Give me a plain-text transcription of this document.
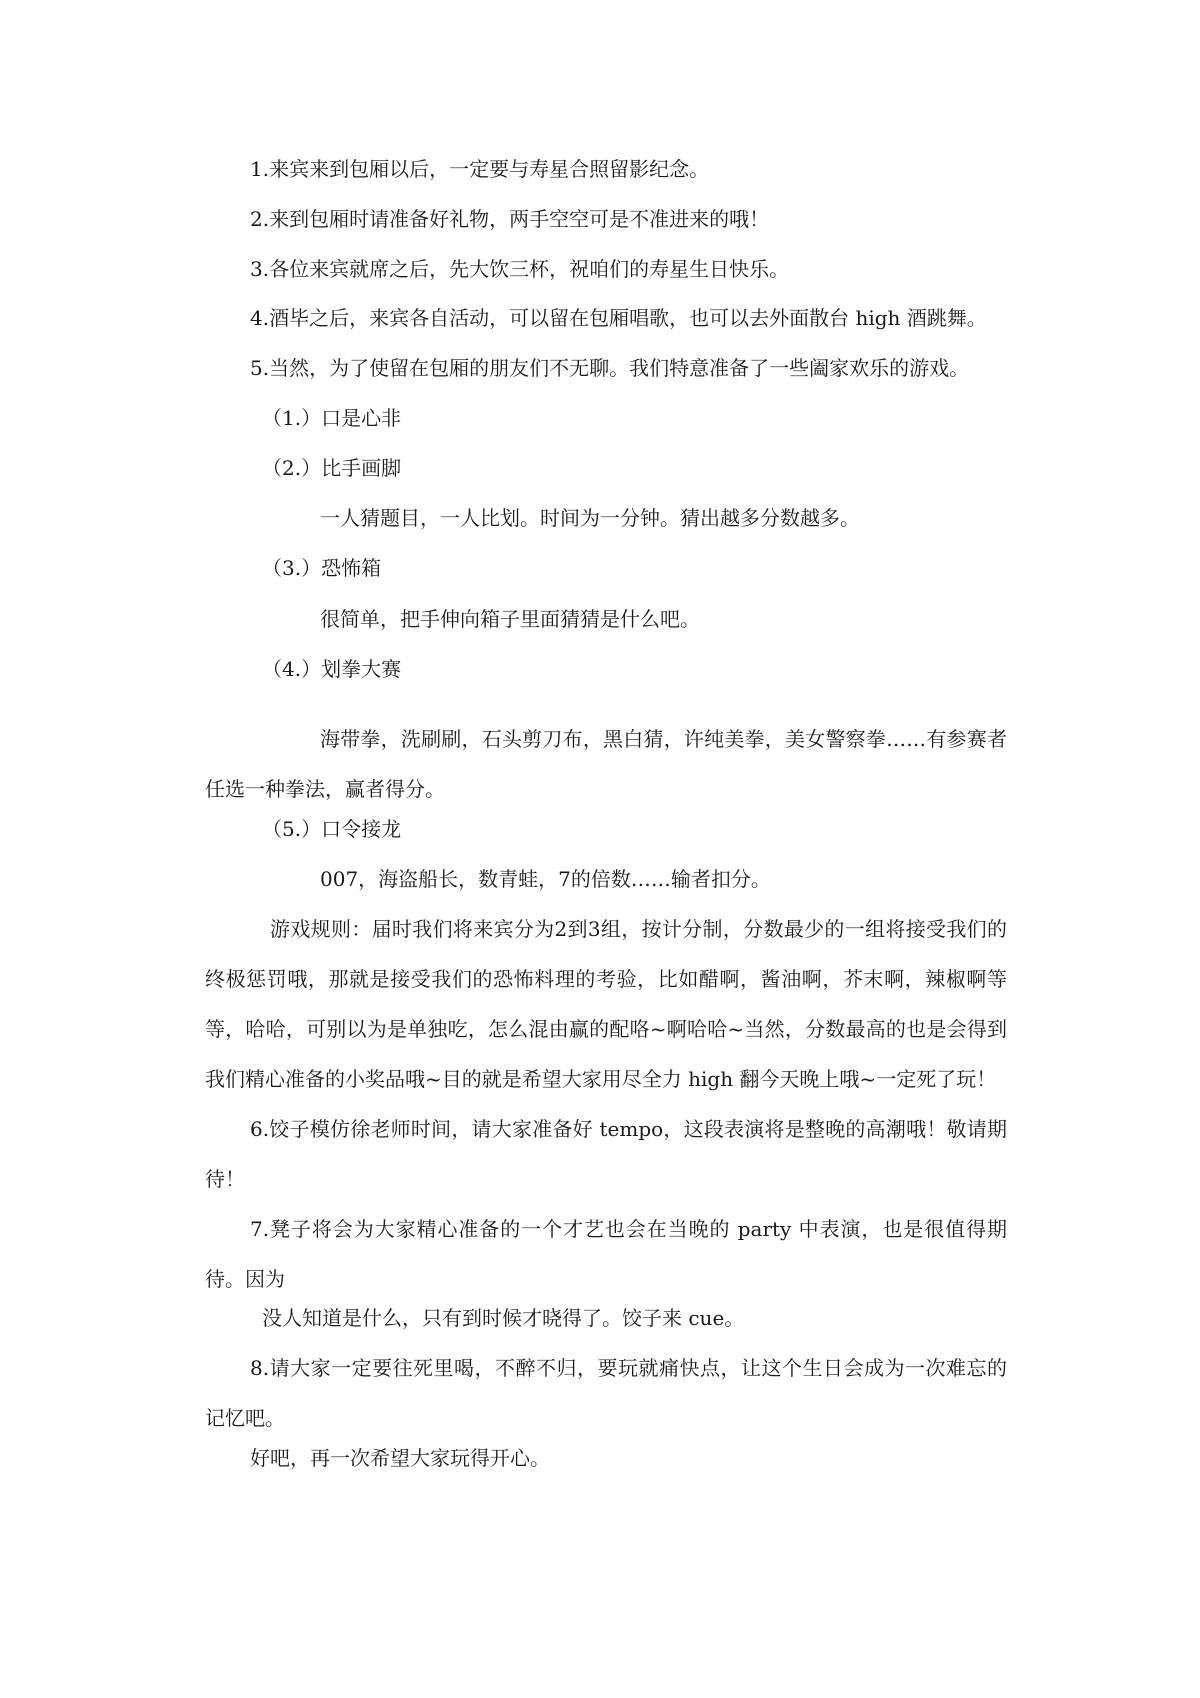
1.来宾来到包厢以后，一定要与寿星合照留影纪念。
2.来到包厢时请准备好礼物，两手空空可是不准进来的哦！
3.各位来宾就席之后，先大饮三杯，祝咱们的寿星生日快乐。
4.酒毕之后，来宾各自活动，可以留在包厢唱歌，也可以去外面散台 high 酒跳舞。
5.当然，为了使留在包厢的朋友们不无聊。我们特意准备了一些阖家欢乐的游戏。
（1.）口是心非
（2.）比手画脚
一人猜题目，一人比划。时间为一分钟。猜出越多分数越多。
（3.）恐怖箱
很简单，把手伸向箱子里面猜猜是什么吧。
（4.）划拳大赛
海带拳，洗刷刷，石头剪刀布，黑白猜，许纯美拳，美女警察拳……有参赛者任选一种拳法，赢者得分。
（5.）口令接龙
007，海盗船长，数青蛙，7的倍数……输者扣分。
游戏规则：届时我们将来宾分为2到3组，按计分制，分数最少的一组将接受我们的终极惩罚哦，那就是接受我们的恐怖料理的考验，比如醋啊，酱油啊，芥末啊，辣椒啊等等，哈哈，可别以为是单独吃，怎么混由赢的配咯~啊哈哈~当然，分数最高的也是会得到我们精心准备的小奖品哦~目的就是希望大家用尽全力 high 翻今天晚上哦~一定死了玩！
6.饺子模仿徐老师时间，请大家准备好 tempo，这段表演将是整晚的高潮哦！敬请期待！
7.凳子将会为大家精心准备的一个才艺也会在当晚的 party 中表演，也是很值得期待。因为
没人知道是什么，只有到时候才晓得了。饺子来 cue。
8.请大家一定要往死里喝，不醉不归，要玩就痛快点，让这个生日会成为一次难忘的记忆吧。
好吧，再一次希望大家玩得开心。
